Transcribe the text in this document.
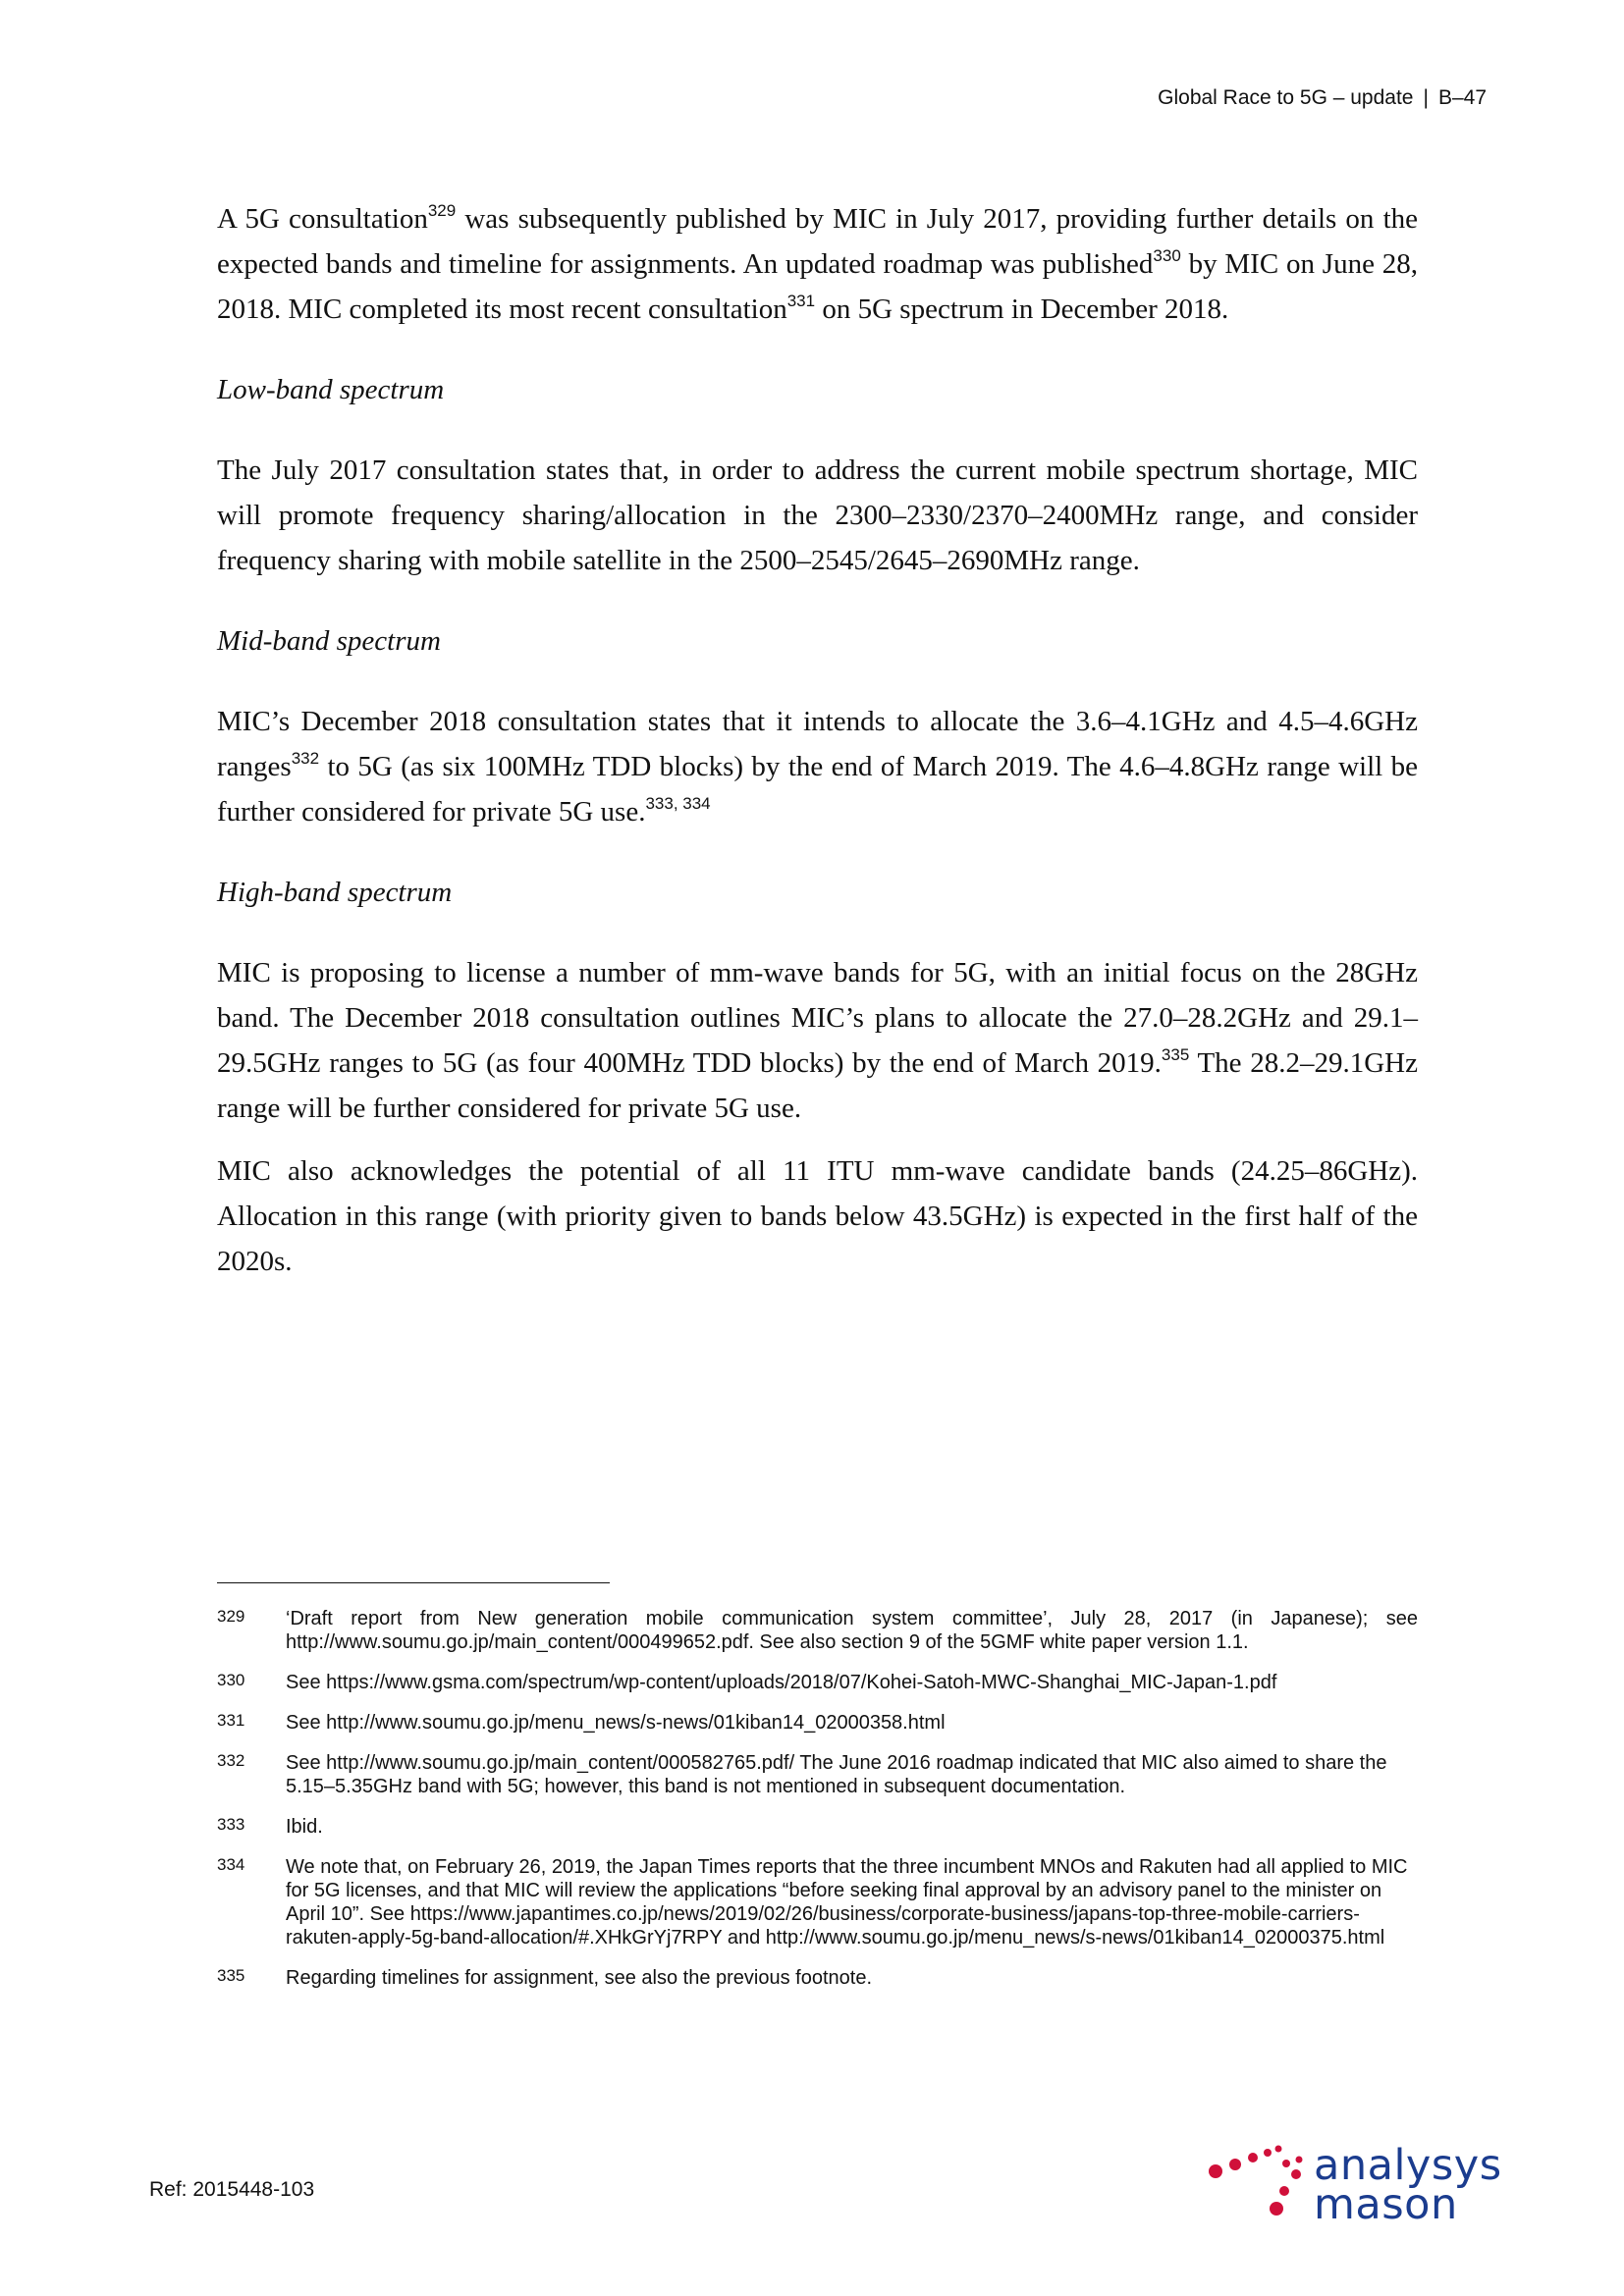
Global Race to 5G – update | B–47

A 5G consultation$^{329}$ was subsequently published by MIC in July 2017, providing further details on the expected bands and timeline for assignments. An updated roadmap was published$^{330}$ by MIC on June 28, 2018. MIC completed its most recent consultation$^{331}$ on 5G spectrum in December 2018.

Low-band spectrum

The July 2017 consultation states that, in order to address the current mobile spectrum shortage, MIC will promote frequency sharing/allocation in the 2300–2330/2370–2400MHz range, and consider frequency sharing with mobile satellite in the 2500–2545/2645–2690MHz range.

Mid-band spectrum

MIC’s December 2018 consultation states that it intends to allocate the 3.6–4.1GHz and 4.5–4.6GHz ranges$^{332}$ to 5G (as six 100MHz TDD blocks) by the end of March 2019. The 4.6–4.8GHz range will be further considered for private 5G use.$^{333, 334}$

High-band spectrum

MIC is proposing to license a number of mm-wave bands for 5G, with an initial focus on the 28GHz band. The December 2018 consultation outlines MIC’s plans to allocate the 27.0–28.2GHz and 29.1–29.5GHz ranges to 5G (as four 400MHz TDD blocks) by the end of March 2019.$^{335}$ The 28.2–29.1GHz range will be further considered for private 5G use.

MIC also acknowledges the potential of all 11 ITU mm-wave candidate bands (24.25–86GHz). Allocation in this range (with priority given to bands below 43.5GHz) is expected in the first half of the 2020s.

329	‘Draft report from New generation mobile communication system committee’, July 28, 2017 (in Japanese); see http://www.soumu.go.jp/main_content/000499652.pdf. See also section 9 of the 5GMF white paper version 1.1.
330	See https://www.gsma.com/spectrum/wp-content/uploads/2018/07/Kohei-Satoh-MWC-Shanghai_MIC-Japan-1.pdf
331	See http://www.soumu.go.jp/menu_news/s-news/01kiban14_02000358.html
332	See http://www.soumu.go.jp/main_content/000582765.pdf/ The June 2016 roadmap indicated that MIC also aimed to share the 5.15–5.35GHz band with 5G; however, this band is not mentioned in subsequent documentation.
333	Ibid.
334	We note that, on February 26, 2019, the Japan Times reports that the three incumbent MNOs and Rakuten had all applied to MIC for 5G licenses, and that MIC will review the applications “before seeking final approval by an advisory panel to the minister on April 10”. See https://www.japantimes.co.jp/news/2019/02/26/business/corporate-business/japans-top-three-mobile-carriers-rakuten-apply-5g-band-allocation/#.XHkGrYj7RPY and http://www.soumu.go.jp/menu_news/s-news/01kiban14_02000375.html
335	Regarding timelines for assignment, see also the previous footnote.
Ref: 2015448-103	analysys
mason
